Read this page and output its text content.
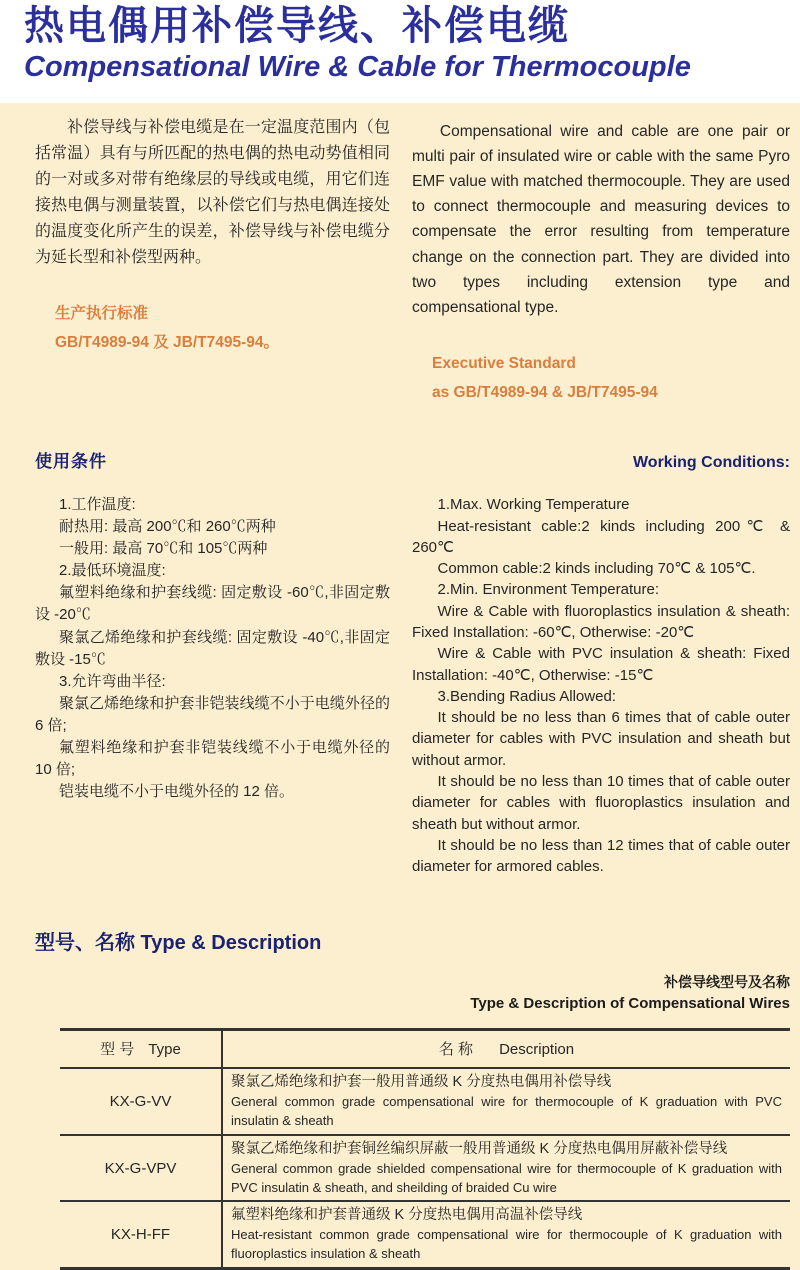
热电偶用补偿导线、补偿电缆
Compensational Wire & Cable for Thermocouple

补偿导线与补偿电缆是在一定温度范围内（包括常温）具有与所匹配的热电偶的热电动势值相同的一对或多对带有绝缘层的导线或电缆，用它们连接热电偶与测量装置，以补偿它们与热电偶连接处的温度变化所产生的误差，补偿导线与补偿电缆分为延长型和补偿型两种。

生产执行标准
GB/T4989-94 及 JB/T7495-94。

Compensational wire and cable are one pair or multi pair of insulated wire or cable with the same Pyro EMF value with matched thermocouple. They are used to connect thermocouple and measuring devices to compensate the error resulting from temperature change on the connection part. They are divided into two types including extension type and compensational type.

Executive Standard
as GB/T4989-94 & JB/T7495-94
使用条件	Working Conditions:

1.工作温度:

耐热用: 最高 200℃和 260℃两种

一般用: 最高 70℃和 105℃两种

2.最低环境温度:

氟塑料绝缘和护套线缆: 固定敷设 -60℃,非固定敷设 -20℃

聚氯乙烯绝缘和护套线缆: 固定敷设 -40℃,非固定敷设 -15℃

3.允许弯曲半径:

聚氯乙烯绝缘和护套非铠装线缆不小于电缆外径的 6 倍;

氟塑料绝缘和护套非铠装线缆不小于电缆外径的 10 倍;

铠装电缆不小于电缆外径的 12 倍。

1.Max. Working Temperature

Heat-resistant cable:2 kinds including 200℃ & 260℃

Common cable:2 kinds including 70℃ & 105℃.

2.Min. Environment Temperature:

Wire & Cable with fluoroplastics insulation & sheath: Fixed Installation: -60℃, Otherwise: -20℃

Wire & Cable with PVC insulation & sheath: Fixed Installation: -40℃, Otherwise: -15℃

3.Bending Radius Allowed:

It should be no less than 6 times that of cable outer diameter for cables with PVC insulation and sheath but without armor.

It should be no less than 10 times that of cable outer diameter for cables with fluoroplastics insulation and sheath but without armor.

It should be no less than 12 times that of cable outer diameter for armored cables.

型号、名称 Type & Description
补偿导线型号及名称
Type & Description of Compensational Wires
型 号 Type	名 称 Description
KX-G-VV	聚氯乙烯绝缘和护套一般用普通级 K 分度热电偶用补偿导线
General common grade compensational wire for thermocouple of K graduation with PVC insulatin & sheath

KX-G-VPV	聚氯乙烯绝缘和护套铜丝编织屏蔽一般用普通级 K 分度热电偶用屏蔽补偿导线
General common grade shielded compensational wire for thermocouple of K graduation with PVC insulatin & sheath, and sheilding of braided Cu wire

KX-H-FF	氟塑料绝缘和护套普通级 K 分度热电偶用高温补偿导线
Heat-resistant common grade compensational wire for thermocouple of K graduation with fluoroplastics insulation & sheath
